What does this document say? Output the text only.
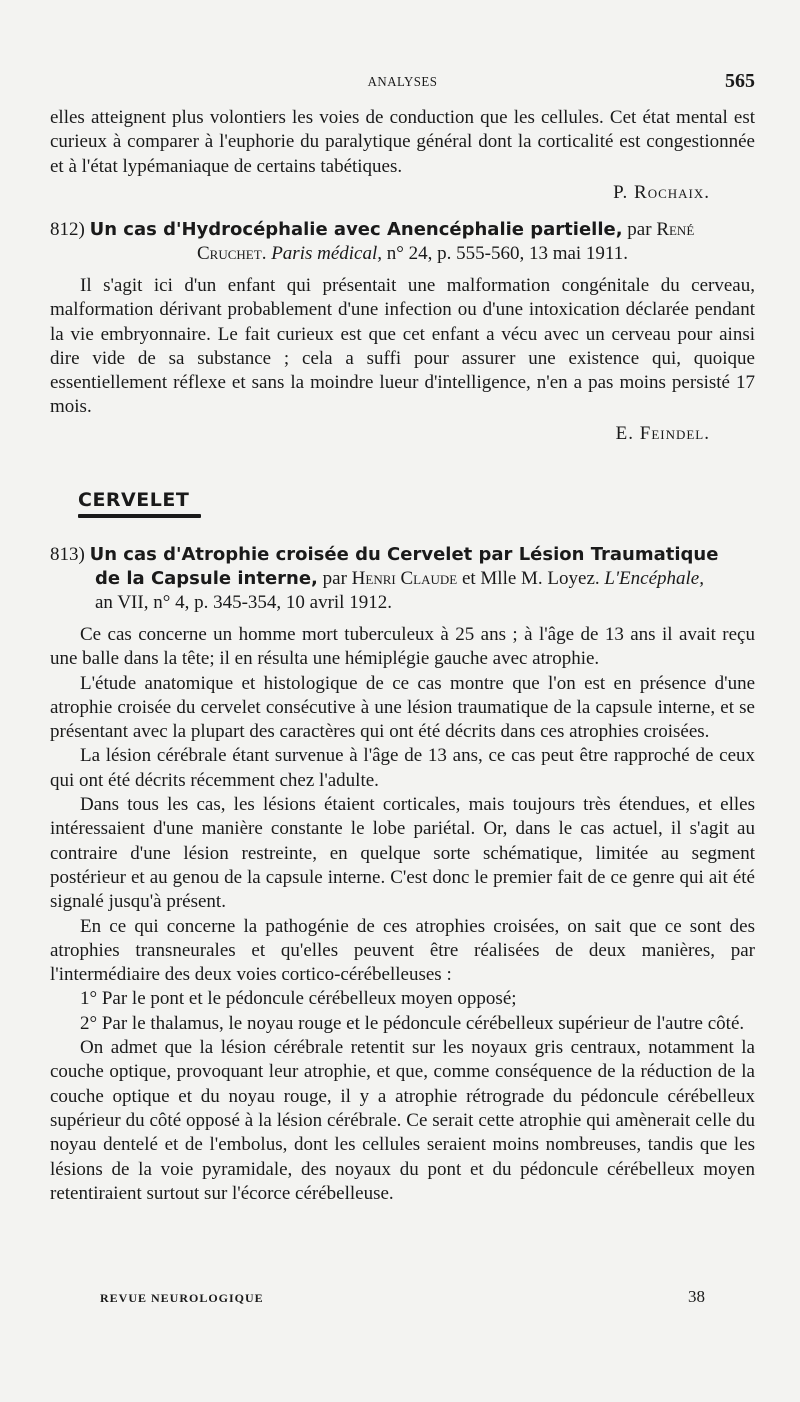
ANALYSES	565

elles atteignent plus volontiers les voies de conduction que les cellules. Cet état mental est curieux à comparer à l'euphorie du paralytique général dont la corticalité est congestionnée et à l'état lypémaniaque de certains tabétiques.

P. Rochaix.

812) Un cas d'Hydrocéphalie avec Anencéphalie partielle, par René
Cruchet. Paris médical, n° 24, p. 555-560, 13 mai 1911.

Il s'agit ici d'un enfant qui présentait une malformation congénitale du cerveau, malformation dérivant probablement d'une infection ou d'une intoxication déclarée pendant la vie embryonnaire. Le fait curieux est que cet enfant a vécu avec un cerveau pour ainsi dire vide de sa substance ; cela a suffi pour assurer une existence qui, quoique essentiellement réflexe et sans la moindre lueur d'intelligence, n'en a pas moins persisté 17 mois.

E. Feindel.

CERVELET

813) Un cas d'Atrophie croisée du Cervelet par Lésion Traumatique
de la Capsule interne, par Henri Claude et Mlle M. Loyez. L'Encéphale,
an VII, n° 4, p. 345-354, 10 avril 1912.

Ce cas concerne un homme mort tuberculeux à 25 ans ; à l'âge de 13 ans il avait reçu une balle dans la tête; il en résulta une hémiplégie gauche avec atrophie.

L'étude anatomique et histologique de ce cas montre que l'on est en présence d'une atrophie croisée du cervelet consécutive à une lésion traumatique de la capsule interne, et se présentant avec la plupart des caractères qui ont été décrits dans ces atrophies croisées.

La lésion cérébrale étant survenue à l'âge de 13 ans, ce cas peut être rapproché de ceux qui ont été décrits récemment chez l'adulte.

Dans tous les cas, les lésions étaient corticales, mais toujours très étendues, et elles intéressaient d'une manière constante le lobe pariétal. Or, dans le cas actuel, il s'agit au contraire d'une lésion restreinte, en quelque sorte schématique, limitée au segment postérieur et au genou de la capsule interne. C'est donc le premier fait de ce genre qui ait été signalé jusqu'à présent.

En ce qui concerne la pathogénie de ces atrophies croisées, on sait que ce sont des atrophies transneurales et qu'elles peuvent être réalisées de deux manières, par l'intermédiaire des deux voies cortico-cérébelleuses :

1° Par le pont et le pédoncule cérébelleux moyen opposé;

2° Par le thalamus, le noyau rouge et le pédoncule cérébelleux supérieur de l'autre côté.

On admet que la lésion cérébrale retentit sur les noyaux gris centraux, notamment la couche optique, provoquant leur atrophie, et que, comme conséquence de la réduction de la couche optique et du noyau rouge, il y a atrophie rétrograde du pédoncule cérébelleux supérieur du côté opposé à la lésion cérébrale. Ce serait cette atrophie qui amènerait celle du noyau dentelé et de l'embolus, dont les cellules seraient moins nombreuses, tandis que les lésions de la voie pyramidale, des noyaux du pont et du pédoncule cérébelleux moyen retentiraient surtout sur l'écorce cérébelleuse.

REVUE NEUROLOGIQUE	38
